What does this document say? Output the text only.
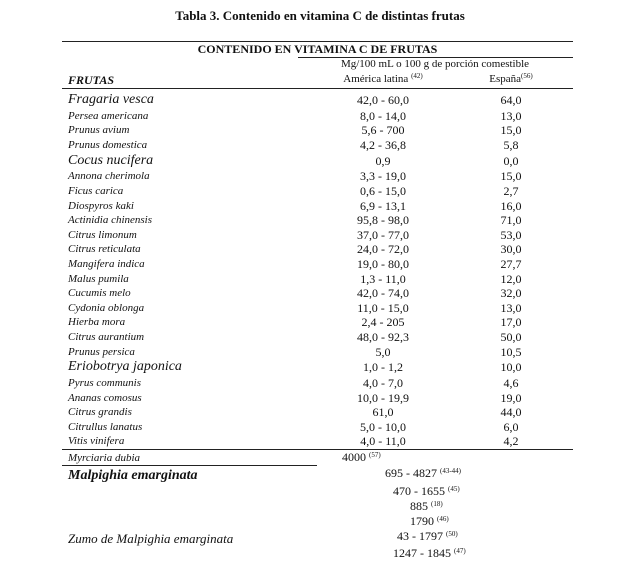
Tabla 3. Contenido en vitamina C de distintas frutas
CONTENIDO EN VITAMINA C DE FRUTAS
Mg/100 mL o 100 g de porción comestible
FRUTAS	América latina $^{(42)}$	España$^{(56)}$
Fragaria vesca	42,0 - 60,0	64,0
Persea americana	8,0 - 14,0	13,0
Prunus avium	5,6 - 700	15,0
Prunus domestica	4,2 - 36,8	5,8
Cocus nucifera	0,9	0,0
Annona cherimola	3,3 - 19,0	15,0
Ficus carica	0,6 - 15,0	2,7
Diospyros kaki	6,9 - 13,1	16,0
Actinidia chinensis	95,8 - 98,0	71,0
Citrus limonum	37,0 - 77,0	53,0
Citrus reticulata	24,0 - 72,0	30,0
Mangifera indica	19,0 - 80,0	27,7
Malus pumila	1,3 - 11,0	12,0
Cucumis melo	42,0 - 74,0	32,0
Cydonia oblonga	11,0 - 15,0	13,0
Hierba mora	2,4 - 205	17,0
Citrus aurantium	48,0 - 92,3	50,0
Prunus persica	5,0	10,5
Eriobotrya japonica	1,0 - 1,2	10,0
Pyrus communis	4,0 - 7,0	4,6
Ananas comosus	10,0 - 19,9	19,0
Citrus grandis	61,0	44,0
Citrullus lanatus	5,0 - 10,0	6,0
Vitis vinifera	4,0 - 11,0	4,2
Myrciaria dubia	4000 $^{(57)}$
Malpighia emarginata	695 - 4827 $^{(43-44)}$
470 - 1655 $^{(45)}$
885 $^{(18)}$
1790 $^{(46)}$
Zumo de Malpighia emarginata	43 - 1797 $^{(50)}$
1247 - 1845 $^{(47)}$
